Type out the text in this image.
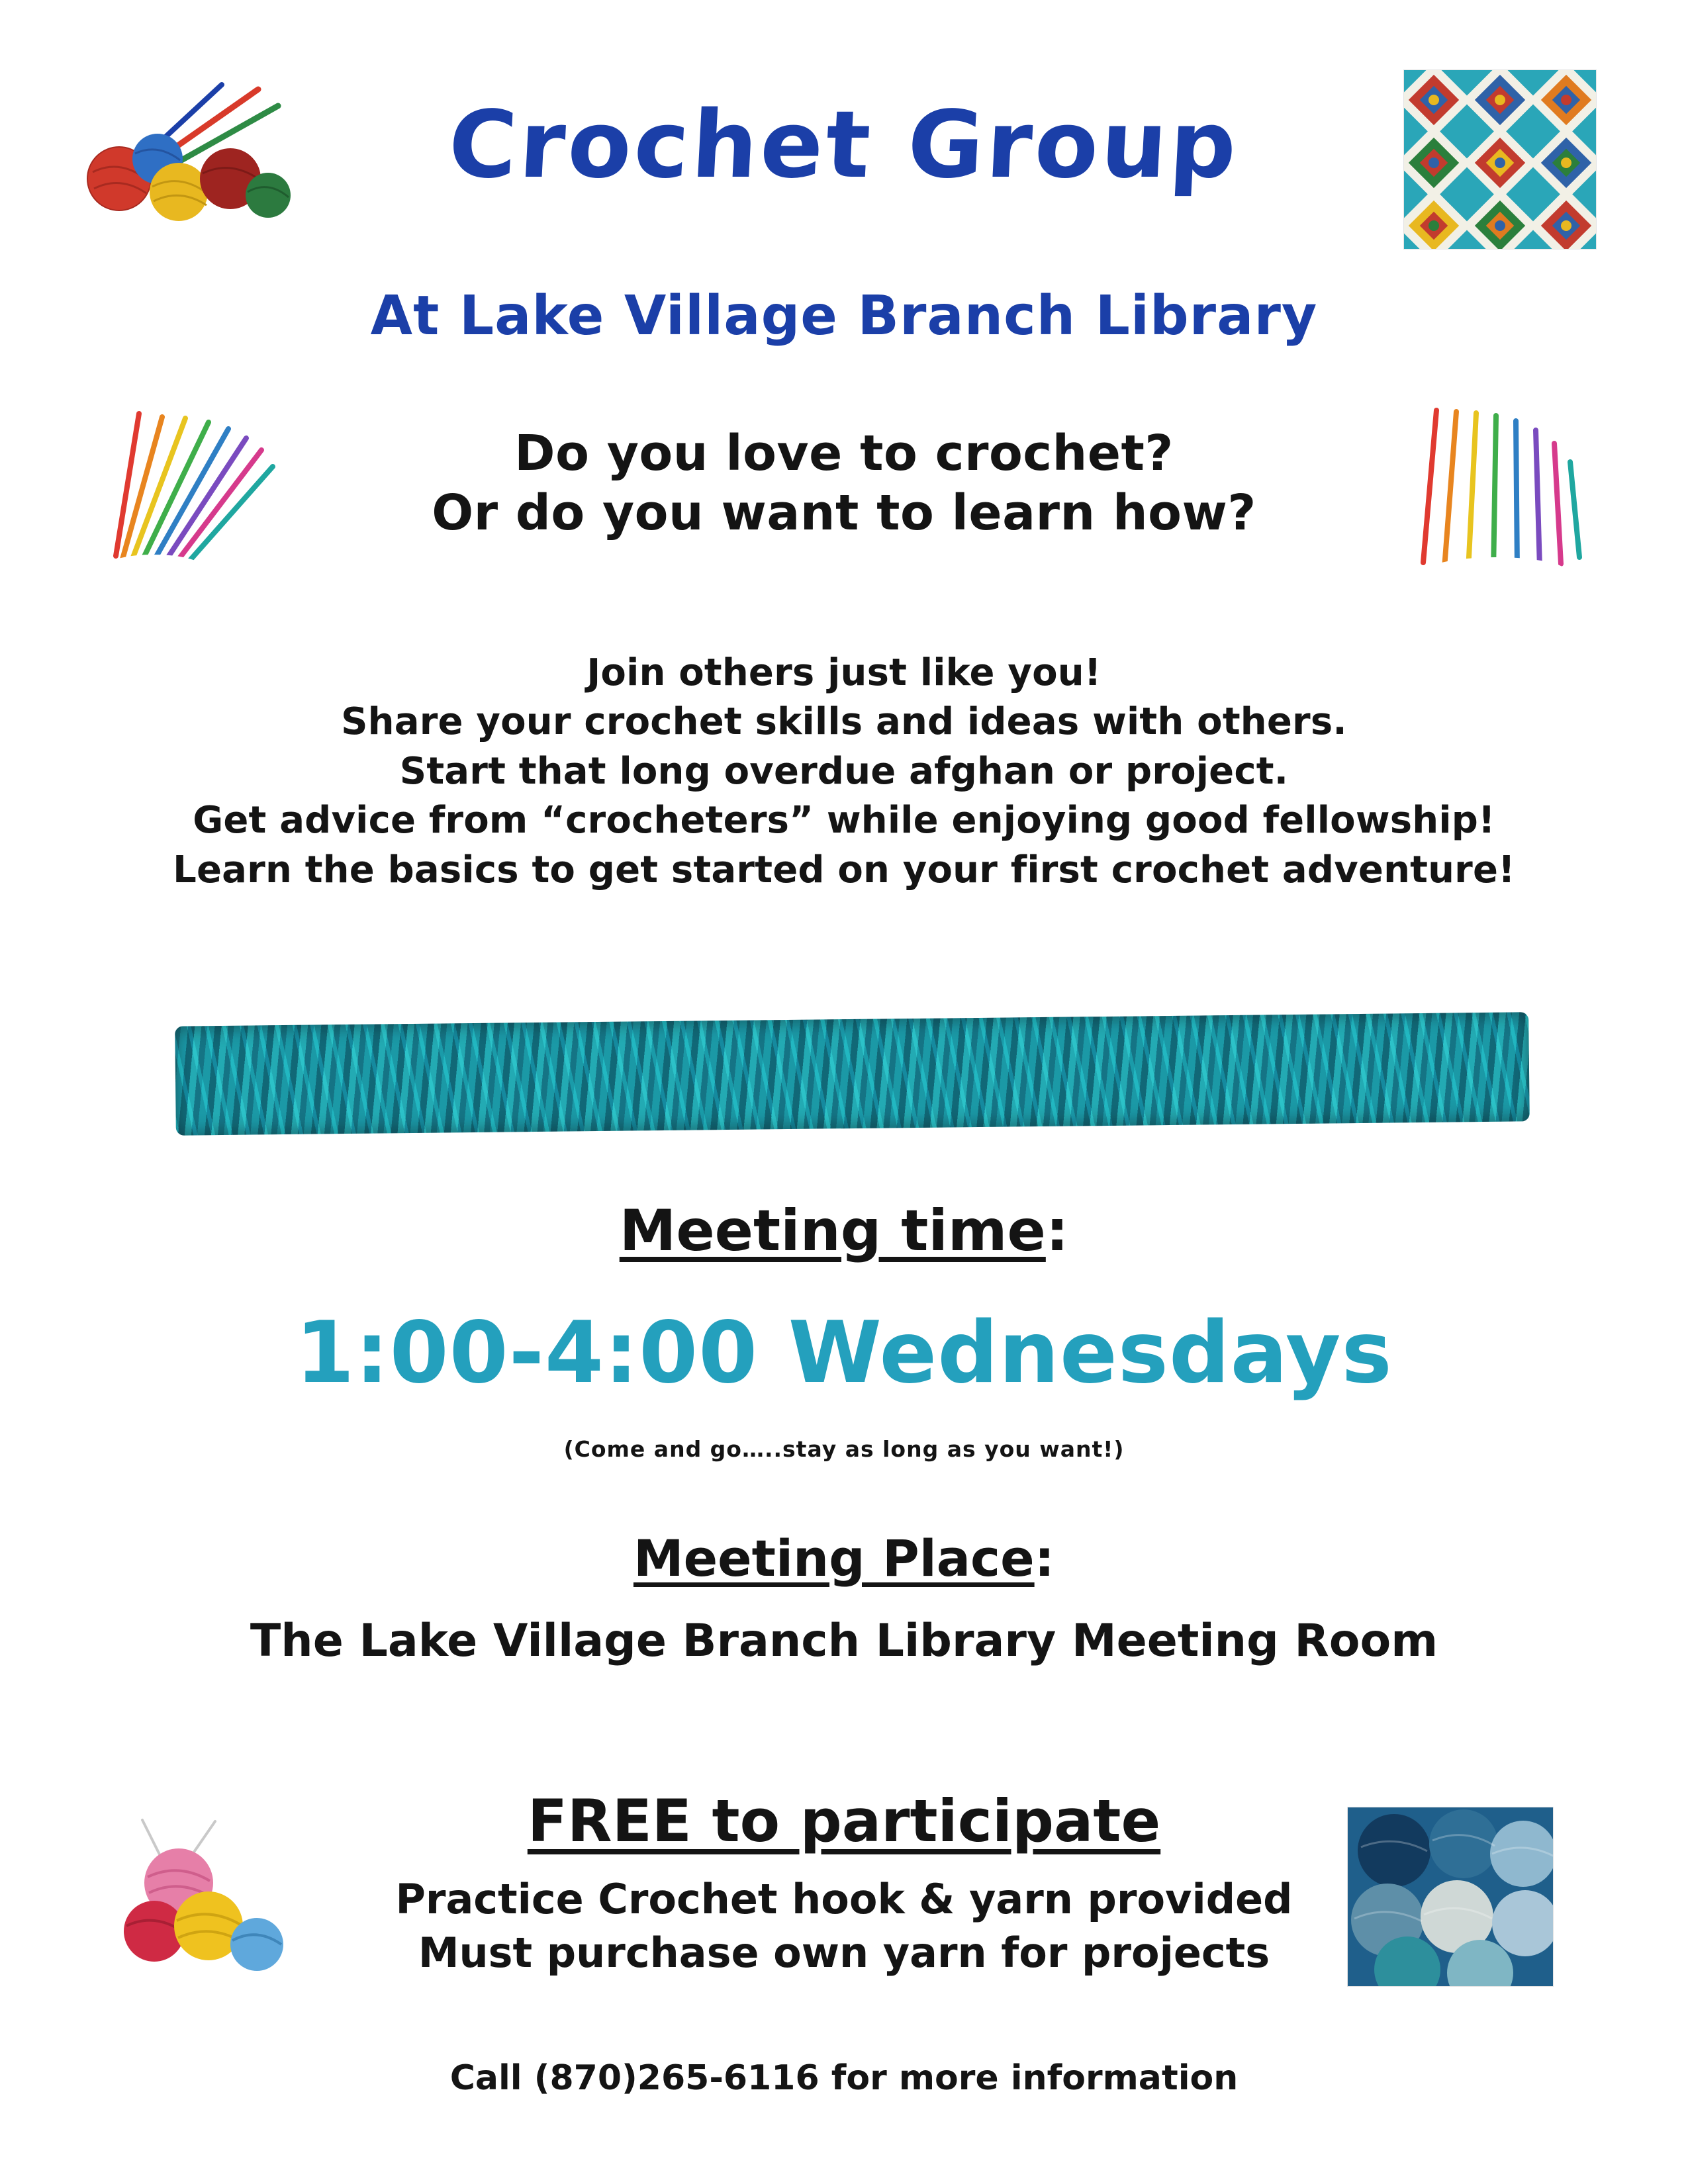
Crochet Group
At Lake Village Branch Library
Do you love to crochet?
Or do you want to learn how?
Join others just like you!
Share your crochet skills and ideas with others.
Start that long overdue afghan or project.
Get advice from “crocheters” while enjoying good fellowship!
Learn the basics to get started on your first crochet adventure!
Meeting time:
1:00-4:00 Wednesdays
(Come and go…..stay as long as you want!)
Meeting Place:
The Lake Village Branch Library Meeting Room
FREE to participate
Practice Crochet hook & yarn provided
Must purchase own yarn for projects
Call (870)265-6116 for more information
